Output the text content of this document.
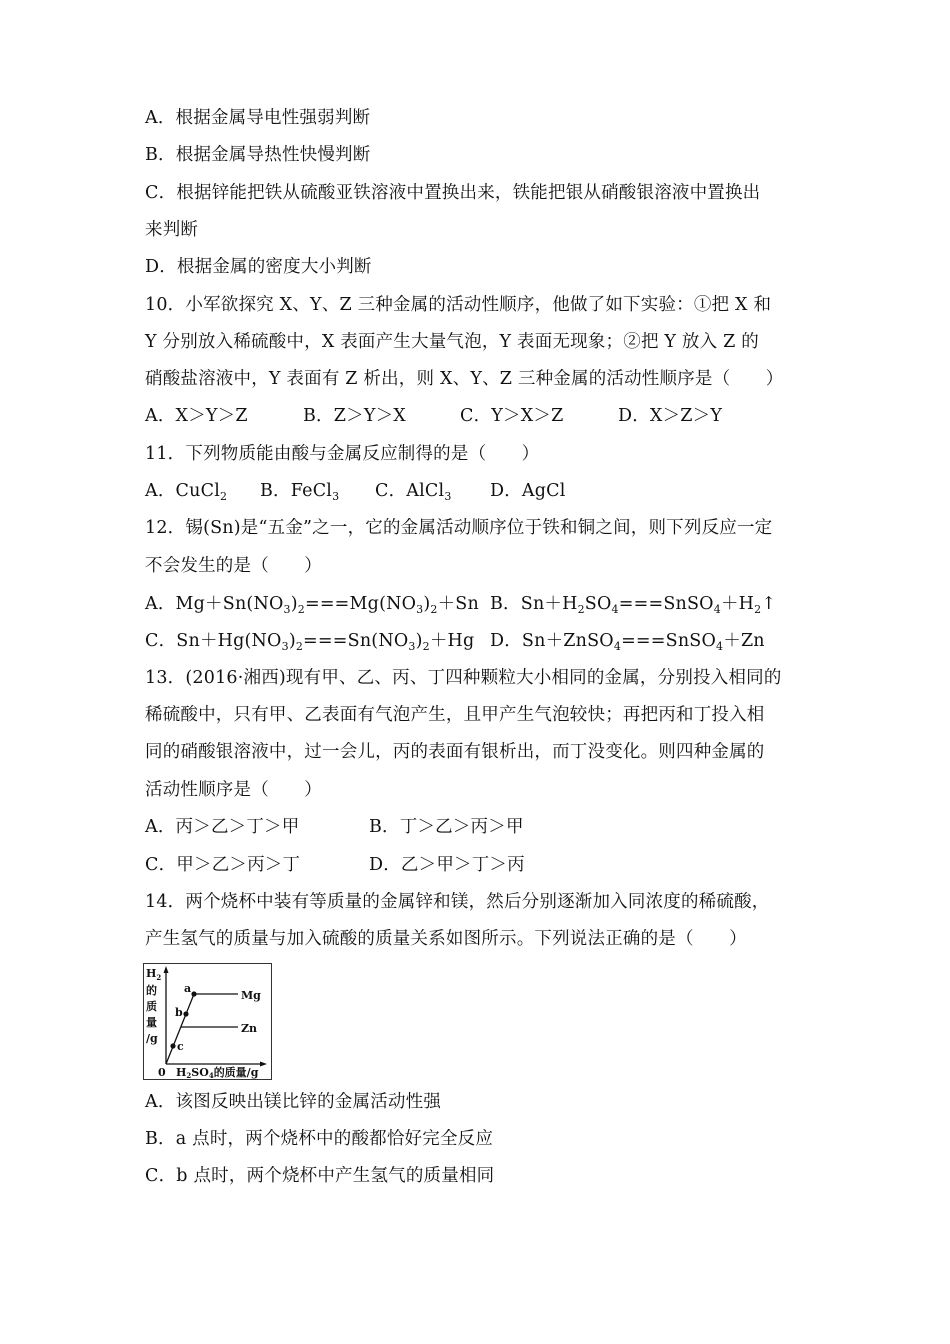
A．根据金属导电性强弱判断
B．根据金属导热性快慢判断
C．根据锌能把铁从硫酸亚铁溶液中置换出来，铁能把银从硝酸银溶液中置换出
来判断
D．根据金属的密度大小判断
10．小军欲探究 X、Y、Z 三种金属的活动性顺序，他做了如下实验：①把 X 和
Y 分别放入稀硫酸中，X 表面产生大量气泡，Y 表面无现象；②把 Y 放入 Z 的
硝酸盐溶液中，Y 表面有 Z 析出，则 X、Y、Z 三种金属的活动性顺序是（　　）
A．X＞Y＞Z	B．Z＞Y＞X	C．Y＞X＞Z	D．X＞Z＞Y
11．下列物质能由酸与金属反应制得的是（　　）
A．CuCl$_2$ B．FeCl$_3$ C．AlCl$_3$ D．AgCl
12．锡(Sn)是“五金”之一，它的金属活动顺序位于铁和铜之间，则下列反应一定
不会发生的是（　　）
A．$Mg+Sn(NO_3)_2===Mg(NO_3)_2+Sn$ B．$Sn+H_2SO_4===SnSO_4+H_2↑$
C．$Sn+Hg(NO_3)_2===Sn(NO_3)_2+Hg$ D．Sn＋ZnSO$_4$===SnSO$_4$＋Zn
13．(2016·湘西)现有甲、乙、丙、丁四种颗粒大小相同的金属，分别投入相同的
稀硫酸中，只有甲、乙表面有气泡产生，且甲产生气泡较快；再把丙和丁投入相
同的硝酸银溶液中，过一会儿，丙的表面有银析出，而丁没变化。则四种金属的
活动性顺序是（　　）
A．丙＞乙＞丁＞甲	B．丁＞乙＞丙＞甲
C．甲＞乙＞丙＞丁	D．乙＞甲＞丁＞丙
14．两个烧杯中装有等质量的金属锌和镁，然后分别逐渐加入同浓度的稀硫酸，
产生氢气的质量与加入硫酸的质量关系如图所示。下列说法正确的是（　　）
a
b
c
Mg
Zn
$H_2$
的
质
量
/g
0 H2SO4的质量/g
A．该图反映出镁比锌的金属活动性强
B．a 点时，两个烧杯中的酸都恰好完全反应
C．b 点时，两个烧杯中产生氢气的质量相同
